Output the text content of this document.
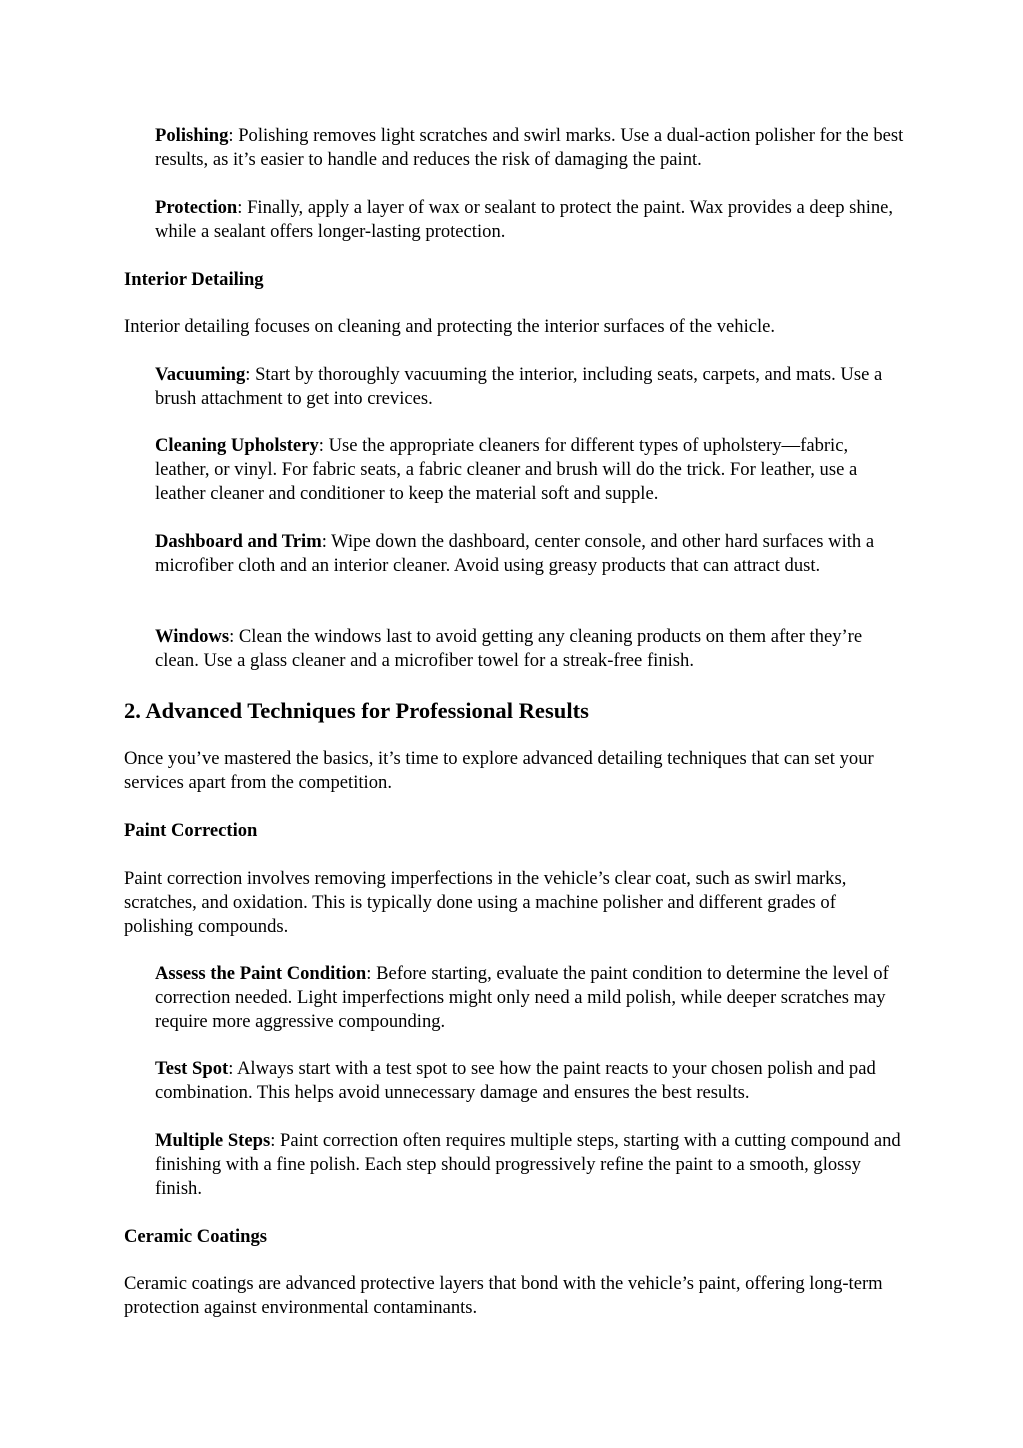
Polishing: Polishing removes light scratches and swirl marks. Use a dual-action polisher for the best results, as it’s easier to handle and reduces the risk of damaging the paint.

Protection: Finally, apply a layer of wax or sealant to protect the paint. Wax provides a deep shine, while a sealant offers longer-lasting protection.

Interior Detailing

Interior detailing focuses on cleaning and protecting the interior surfaces of the vehicle.

Vacuuming: Start by thoroughly vacuuming the interior, including seats, carpets, and mats. Use a brush attachment to get into crevices.

Cleaning Upholstery: Use the appropriate cleaners for different types of upholstery—fabric, leather, or vinyl. For fabric seats, a fabric cleaner and brush will do the trick. For leather, use a leather cleaner and conditioner to keep the material soft and supple.

Dashboard and Trim: Wipe down the dashboard, center console, and other hard surfaces with a microfiber cloth and an interior cleaner. Avoid using greasy products that can attract dust.

Windows: Clean the windows last to avoid getting any cleaning products on them after they’re clean. Use a glass cleaner and a microfiber towel for a streak-free finish.

2. Advanced Techniques for Professional Results

Once you’ve mastered the basics, it’s time to explore advanced detailing techniques that can set your services apart from the competition.

Paint Correction

Paint correction involves removing imperfections in the vehicle’s clear coat, such as swirl marks, scratches, and oxidation. This is typically done using a machine polisher and different grades of polishing compounds.

Assess the Paint Condition: Before starting, evaluate the paint condition to determine the level of correction needed. Light imperfections might only need a mild polish, while deeper scratches may require more aggressive compounding.

Test Spot: Always start with a test spot to see how the paint reacts to your chosen polish and pad combination. This helps avoid unnecessary damage and ensures the best results.

Multiple Steps: Paint correction often requires multiple steps, starting with a cutting compound and finishing with a fine polish. Each step should progressively refine the paint to a smooth, glossy finish.

Ceramic Coatings

Ceramic coatings are advanced protective layers that bond with the vehicle’s paint, offering long-term protection against environmental contaminants.
